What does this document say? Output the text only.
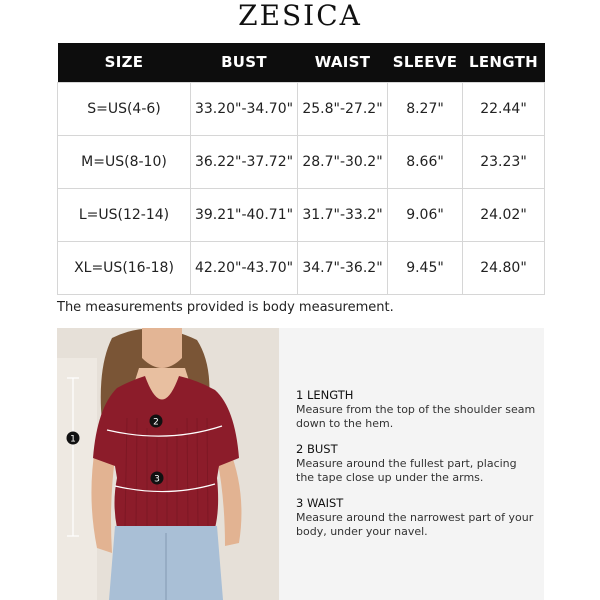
ZESICA
SIZE	BUST	WAIST	SLEEVE	LENGTH
S=US(4-6)	33.20"-34.70"	25.8"-27.2"	8.27"	22.44"
M=US(8-10)	36.22"-37.72"	28.7"-30.2"	8.66"	23.23"
L=US(12-14)	39.21"-40.71"	31.7"-33.2"	9.06"	24.02"
XL=US(16-18)	42.20"-43.70"	34.7"-36.2"	9.45"	24.80"
The measurements provided is body measurement.
1
2
3
1 LENGTH
Measure from the top of the shoulder seam down to the hem.
2 BUST
Measure around the fullest part, placing the tape close up under the arms.
3 WAIST
Measure around the narrowest part of your body, under your navel.
